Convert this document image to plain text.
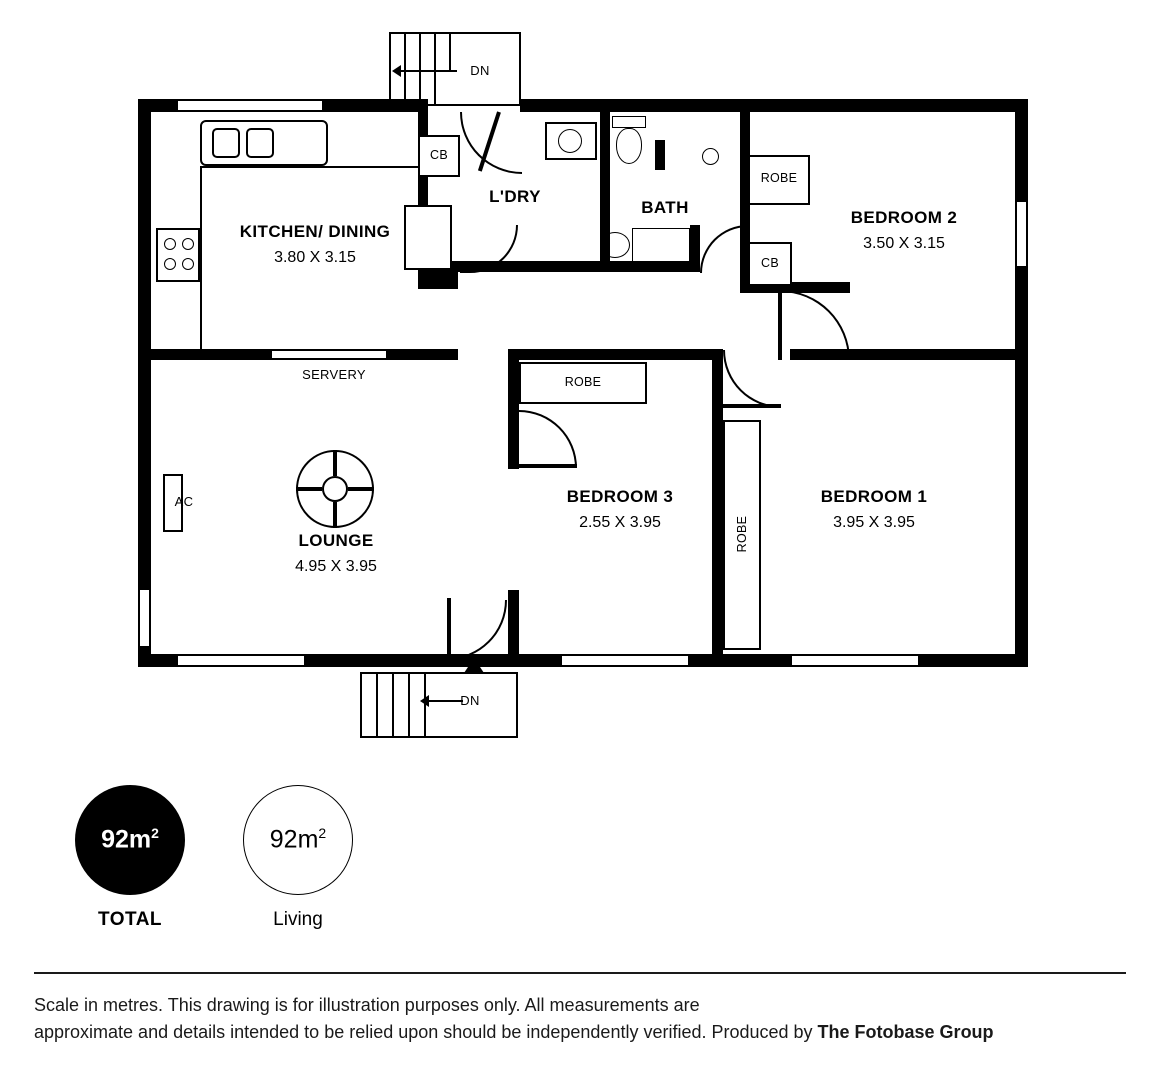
DN
CB
ROBE
CB
ROBE
ROBE
AC
DN
KITCHEN/ DINING
3.80 X 3.15
L'DRY
BATH
BEDROOM 2
3.50 X 3.15
SERVERY
LOUNGE
4.95 X 3.95
BEDROOM 3
2.55 X 3.95
BEDROOM 1
3.95 X 3.95
$92m^2$
TOTAL
$92m^2$
Living
Scale in metres. This drawing is for illustration purposes only. All measurements are
approximate and details intended to be relied upon should be independently verified. Produced by The Fotobase Group
